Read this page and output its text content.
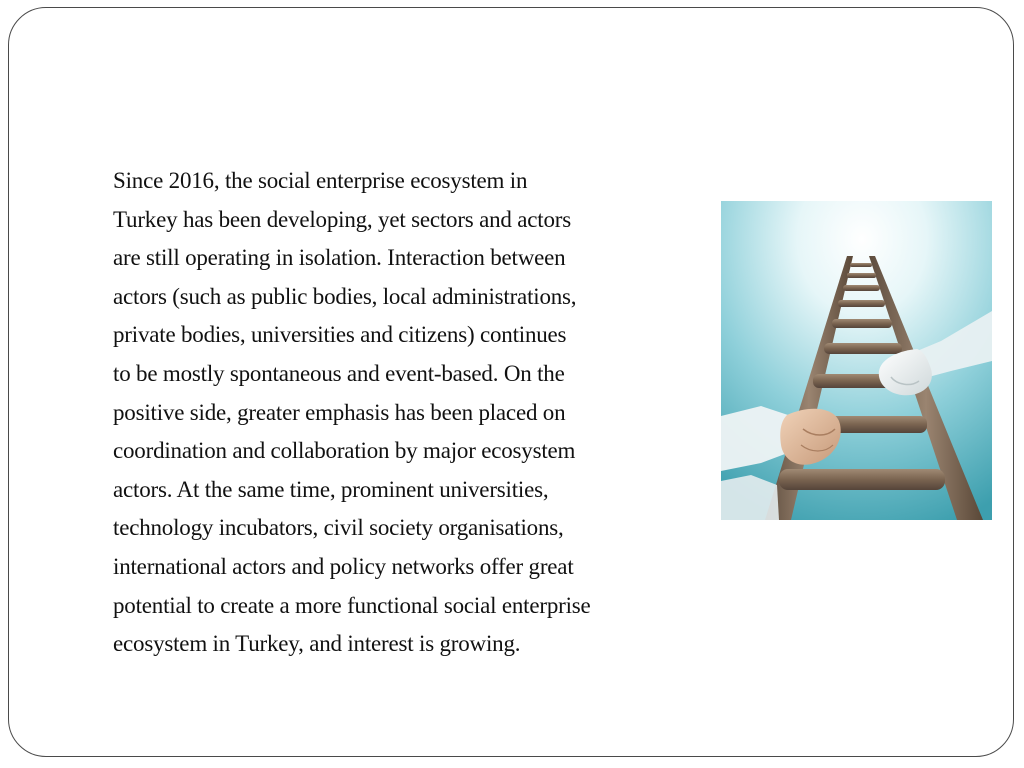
Since 2016, the social enterprise ecosystem in
Turkey has been developing, yet sectors and actors
are still operating in isolation. Interaction between
actors (such as public bodies, local administrations,
private bodies, universities and citizens) continues
to be mostly spontaneous and event-based. On the
positive side, greater emphasis has been placed on
coordination and collaboration by major ecosystem
actors. At the same time, prominent universities,
technology incubators, civil society organisations,
international actors and policy networks offer great
potential to create a more functional social enterprise
ecosystem in Turkey, and interest is growing.
